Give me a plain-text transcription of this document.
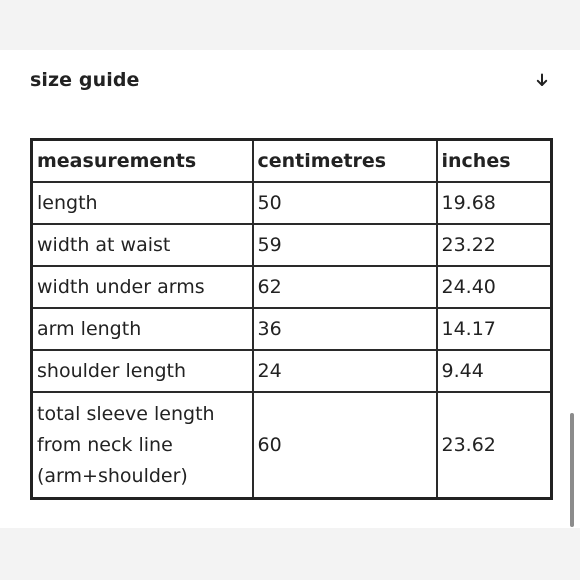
size guide
measurements	centimetres	inches
length	50	19.68
width at waist	59	23.22
width under arms	62	24.40
arm length	36	14.17
shoulder length	24	9.44
total sleeve length from neck line (arm+shoulder)	60	23.62
